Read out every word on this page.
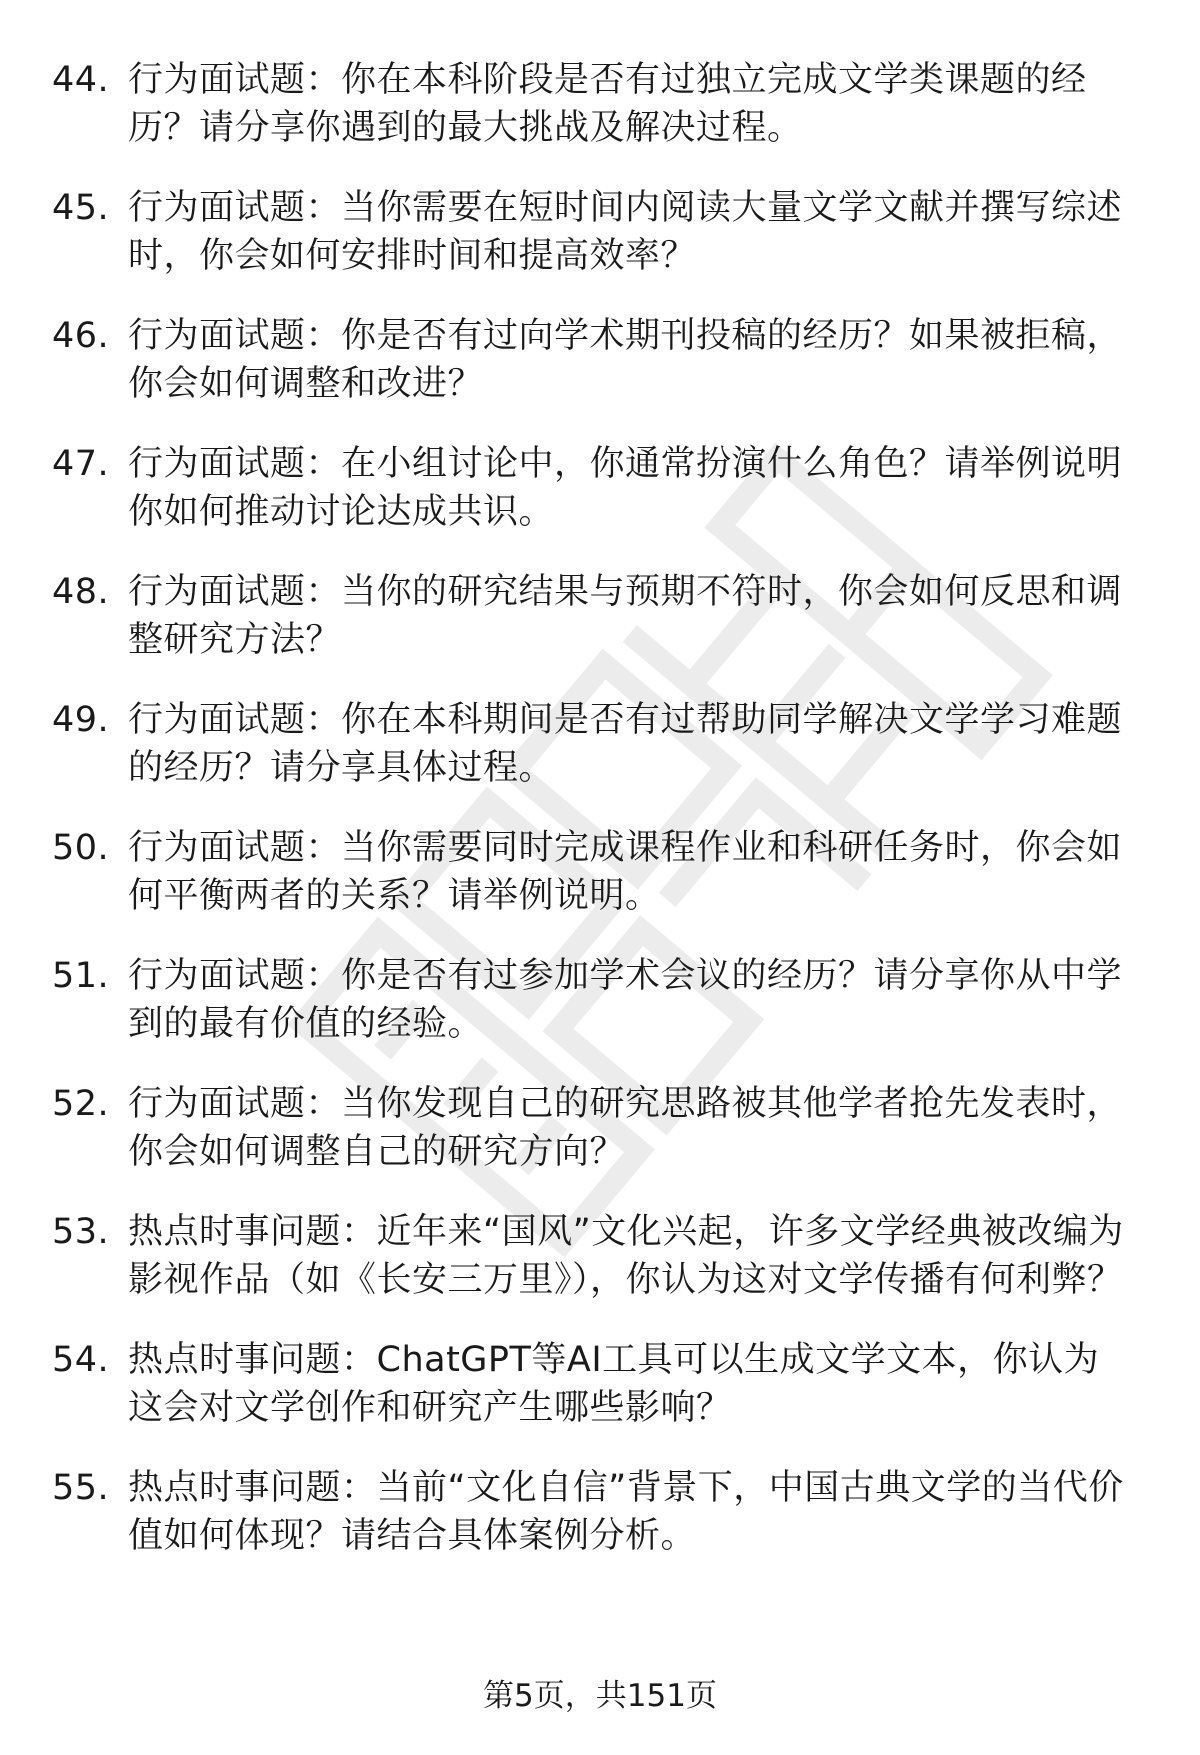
44. 行为面试题：你在本科阶段是否有过独立完成文学类课题的经历？请分享你遇到的最大挑战及解决过程。
45. 行为面试题：当你需要在短时间内阅读大量文学文献并撰写综述时，你会如何安排时间和提高效率？
46. 行为面试题：你是否有过向学术期刊投稿的经历？如果被拒稿，你会如何调整和改进？
47. 行为面试题：在小组讨论中，你通常扮演什么角色？请举例说明你如何推动讨论达成共识。
48. 行为面试题：当你的研究结果与预期不符时，你会如何反思和调整研究方法？
49. 行为面试题：你在本科期间是否有过帮助同学解决文学学习难题的经历？请分享具体过程。
50. 行为面试题：当你需要同时完成课程作业和科研任务时，你会如何平衡两者的关系？请举例说明。
51. 行为面试题：你是否有过参加学术会议的经历？请分享你从中学到的最有价值的经验。
52. 行为面试题：当你发现自己的研究思路被其他学者抢先发表时，你会如何调整自己的研究方向？
53. 热点时事问题：近年来“国风”文化兴起，许多文学经典被改编为影视作品（如《长安三万里》），你认为这对文学传播有何利弊？
54. 热点时事问题：ChatGPT等AI工具可以生成文学文本，你认为这会对文学创作和研究产生哪些影响？
55. 热点时事问题：当前“文化自信”背景下，中国古典文学的当代价值如何体现？请结合具体案例分析。
第5页，共151页
